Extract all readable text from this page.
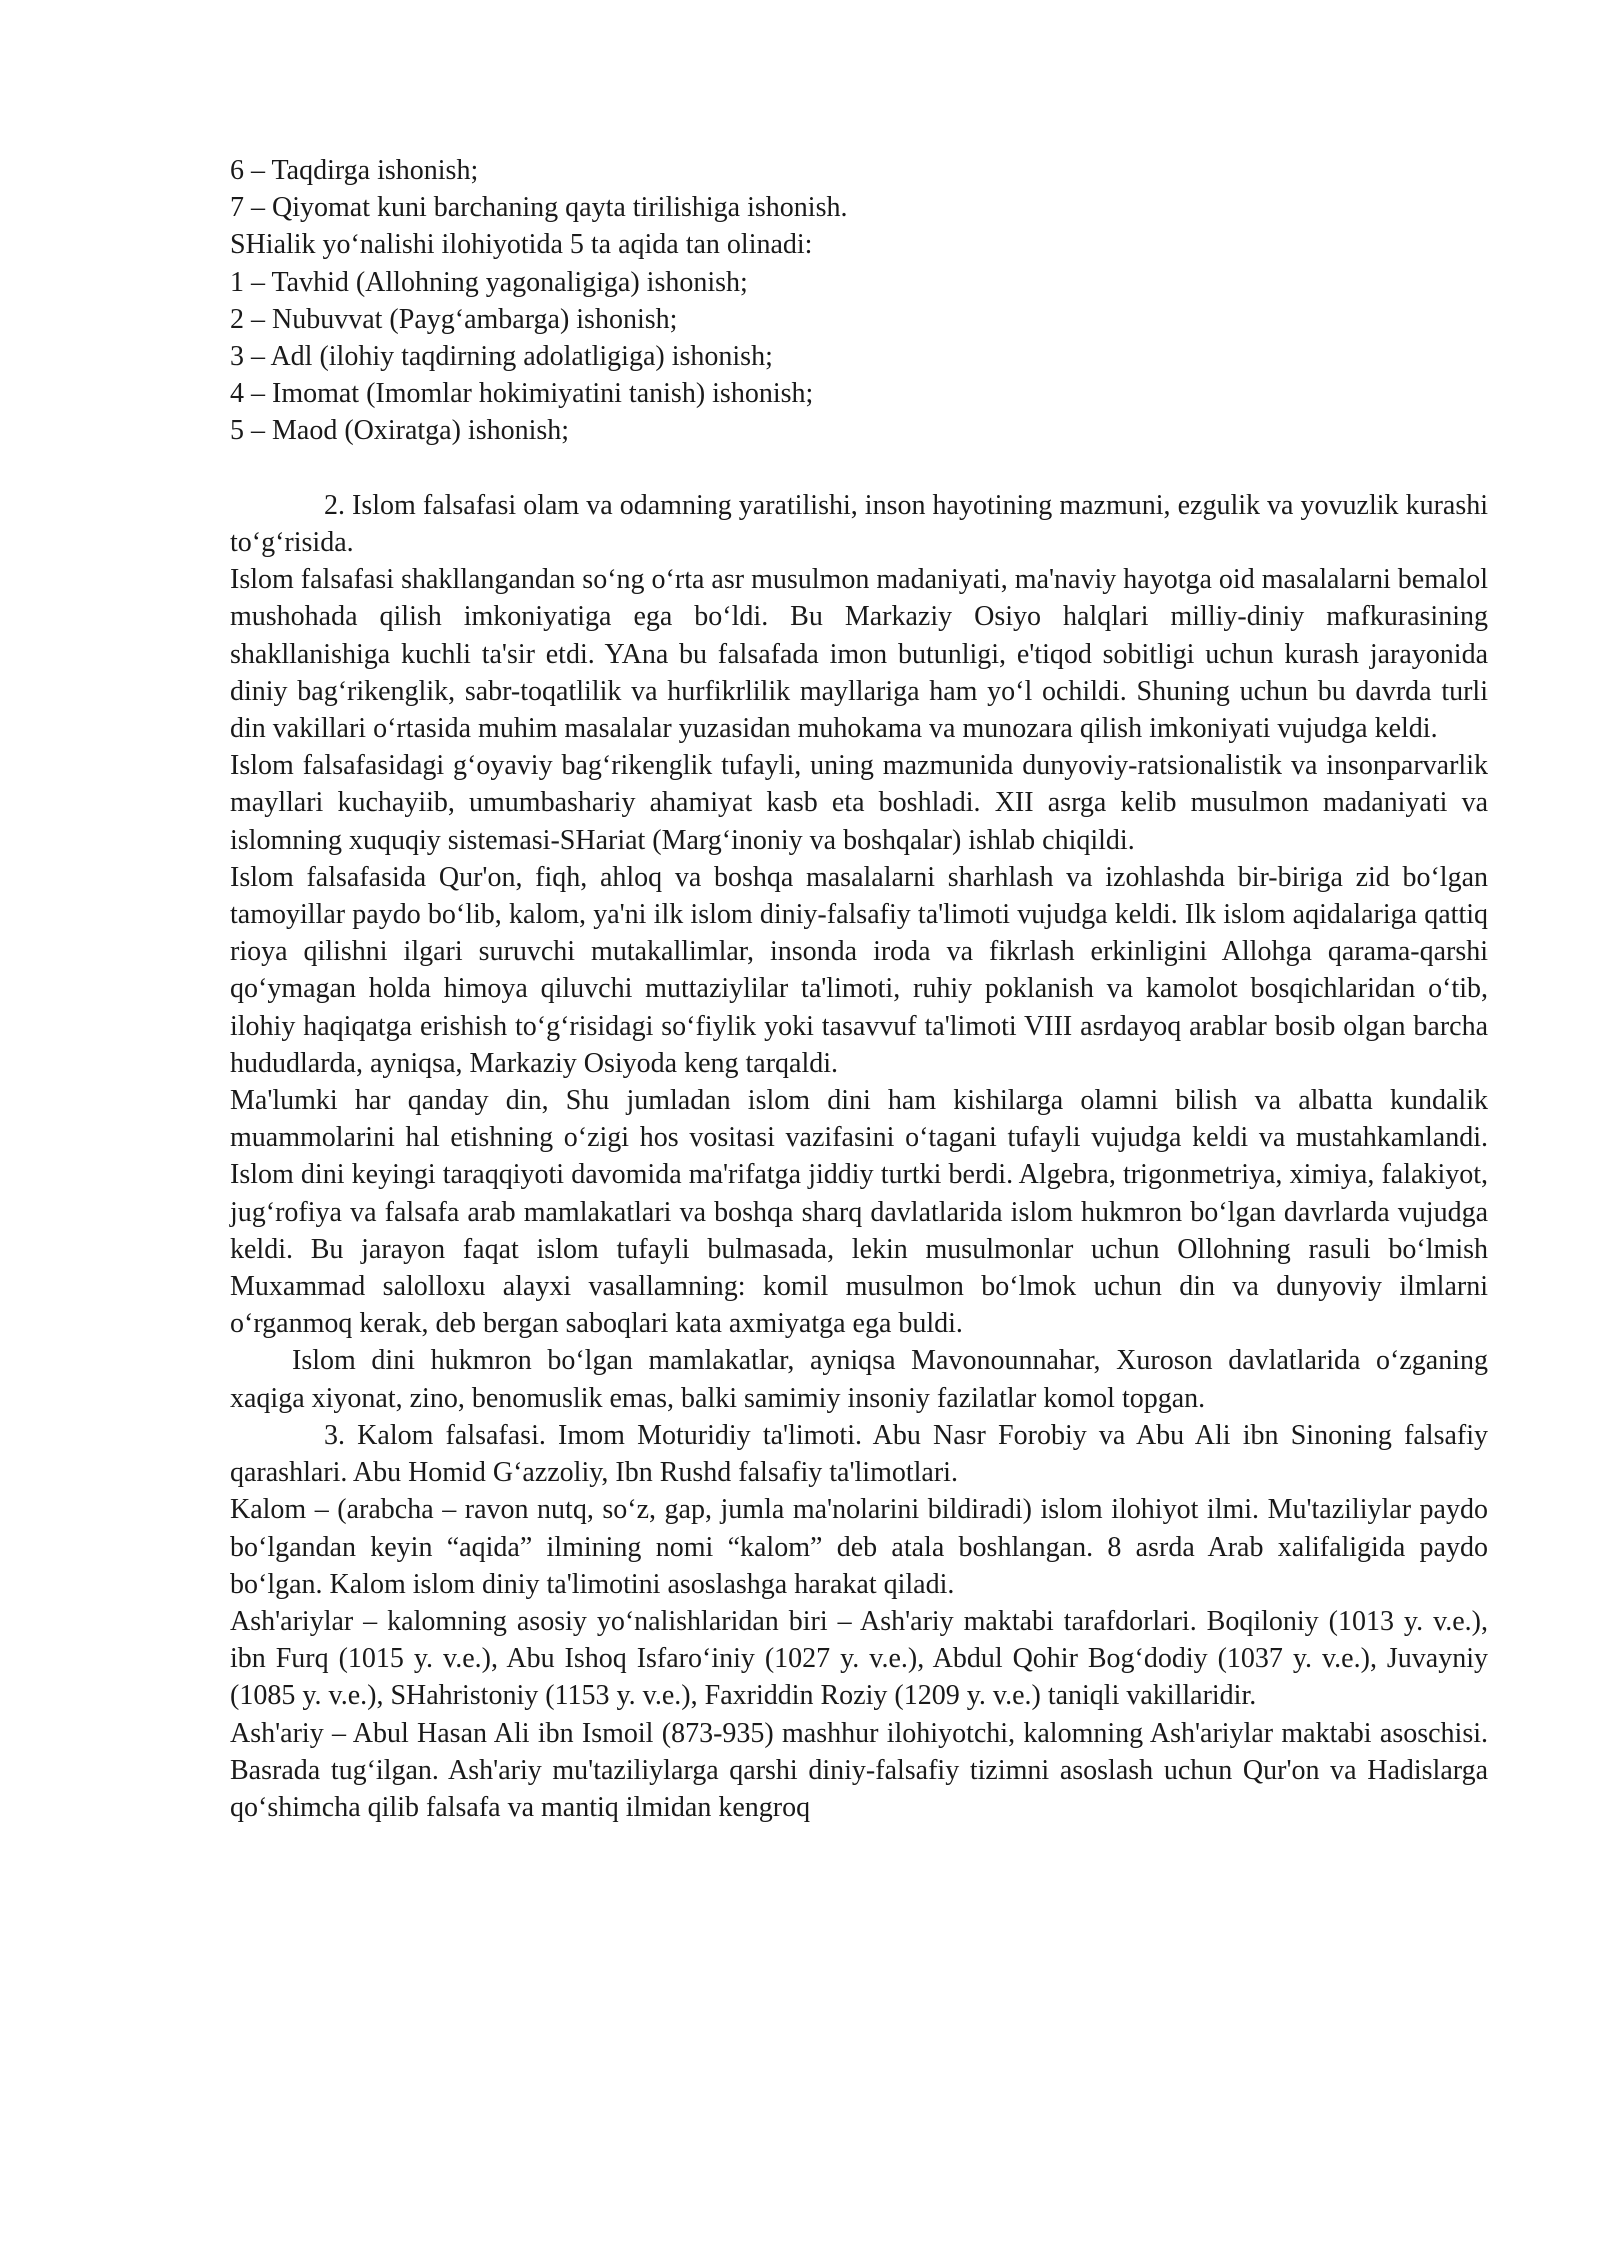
6 – Taqdirga ishonish;

7 – Qiyomat kuni barchaning qayta tirilishiga ishonish.

SHialik yo‘nalishi ilohiyotida 5 ta aqida tan olinadi:

1 – Tavhid (Allohning yagonaligiga) ishonish;

2 – Nubuvvat (Payg‘ambarga) ishonish;

3 – Adl (ilohiy taqdirning adolatligiga) ishonish;

4 – Imomat (Imomlar hokimiyatini tanish) ishonish;

5 – Maod (Oxiratga) ishonish;

2. Islom falsafasi olam va odamning yaratilishi, inson hayotining mazmuni, ezgulik va yovuzlik kurashi to‘g‘risida.

Islom falsafasi shakllangandan so‘ng o‘rta asr musulmon madaniyati, ma'naviy hayotga oid masalalarni bemalol mushohada qilish imkoniyatiga ega bo‘ldi. Bu Markaziy Osiyo halqlari milliy-diniy mafkurasining shakllanishiga kuchli ta'sir etdi. YAna bu falsafada imon butunligi, e'tiqod sobitligi uchun kurash jarayonida diniy bag‘rikenglik, sabr-toqatlilik va hurfikrlilik mayllariga ham yo‘l ochildi. Shuning uchun bu davrda turli din vakillari o‘rtasida muhim masalalar yuzasidan muhokama va munozara qilish imkoniyati vujudga keldi.

Islom falsafasidagi g‘oyaviy bag‘rikenglik tufayli, uning mazmunida dunyoviy-ratsionalistik va insonparvarlik mayllari kuchayiib, umumbashariy ahamiyat kasb eta boshladi. XII asrga kelib musulmon madaniyati va islomning xuquqiy sistemasi-SHariat (Marg‘inoniy va boshqalar) ishlab chiqildi.

Islom falsafasida Qur'on, fiqh, ahloq va boshqa masalalarni sharhlash va izohlashda bir-biriga zid bo‘lgan tamoyillar paydo bo‘lib, kalom, ya'ni ilk islom diniy-falsafiy ta'limoti vujudga keldi. Ilk islom aqidalariga qattiq rioya qilishni ilgari suruvchi mutakallimlar, insonda iroda va fikrlash erkinligini Allohga qarama-qarshi qo‘ymagan holda himoya qiluvchi muttaziylilar ta'limoti, ruhiy poklanish va kamolot bosqichlaridan o‘tib, ilohiy haqiqatga erishish to‘g‘risidagi so‘fiylik yoki tasavvuf ta'limoti VIII asrdayoq arablar bosib olgan barcha hududlarda, ayniqsa, Markaziy Osiyoda keng tarqaldi.

Ma'lumki har qanday din, Shu jumladan islom dini ham kishilarga olamni bilish va albatta kundalik muammolarini hal etishning o‘zigi hos vositasi vazifasini o‘tagani tufayli vujudga keldi va mustahkamlandi. Islom dini keyingi taraqqiyoti davomida ma'rifatga jiddiy turtki berdi. Algebra, trigonmetriya, ximiya, falakiyot, jug‘rofiya va falsafa arab mamlakatlari va boshqa sharq davlatlarida islom hukmron bo‘lgan davrlarda vujudga keldi. Bu jarayon faqat islom tufayli bulmasada, lekin musulmonlar uchun Ollohning rasuli bo‘lmish Muxammad salolloxu alayxi vasallamning: komil musulmon bo‘lmok uchun din va dunyoviy ilmlarni o‘rganmoq kerak, deb bergan saboqlari kata axmiyatga ega buldi.

Islom dini hukmron bo‘lgan mamlakatlar, ayniqsa Mavonounnahar, Xuroson davlatlarida o‘zganing xaqiga xiyonat, zino, benomuslik emas, balki samimiy insoniy fazilatlar komol topgan.

3. Kalom falsafasi. Imom Moturidiy ta'limoti. Abu Nasr Forobiy va Abu Ali ibn Sinoning falsafiy qarashlari. Abu Homid G‘azzoliy, Ibn Rushd falsafiy ta'limotlari.

Kalom – (arabcha – ravon nutq, so‘z, gap, jumla ma'nolarini bildiradi) islom ilohiyot ilmi. Mu'taziliylar paydo bo‘lgandan keyin “aqida” ilmining nomi “kalom” deb atala boshlangan. 8 asrda Arab xalifaligida paydo bo‘lgan. Kalom islom diniy ta'limotini asoslashga harakat qiladi.

Ash'ariylar – kalomning asosiy yo‘nalishlaridan biri – Ash'ariy maktabi tarafdorlari. Boqiloniy (1013 y. v.e.), ibn Furq (1015 y. v.e.), Abu Ishoq Isfaro‘iniy (1027 y. v.e.), Abdul Qohir Bog‘dodiy (1037 y. v.e.), Juvayniy (1085 y. v.e.), SHahristoniy (1153 y. v.e.), Faxriddin Roziy (1209 y. v.e.) taniqli vakillaridir.

Ash'ariy – Abul Hasan Ali ibn Ismoil (873-935) mashhur ilohiyotchi, kalomning Ash'ariylar maktabi asoschisi. Basrada tug‘ilgan. Ash'ariy mu'taziliylarga qarshi diniy-falsafiy tizimni asoslash uchun Qur'on va Hadislarga qo‘shimcha qilib falsafa va mantiq ilmidan kengroq
